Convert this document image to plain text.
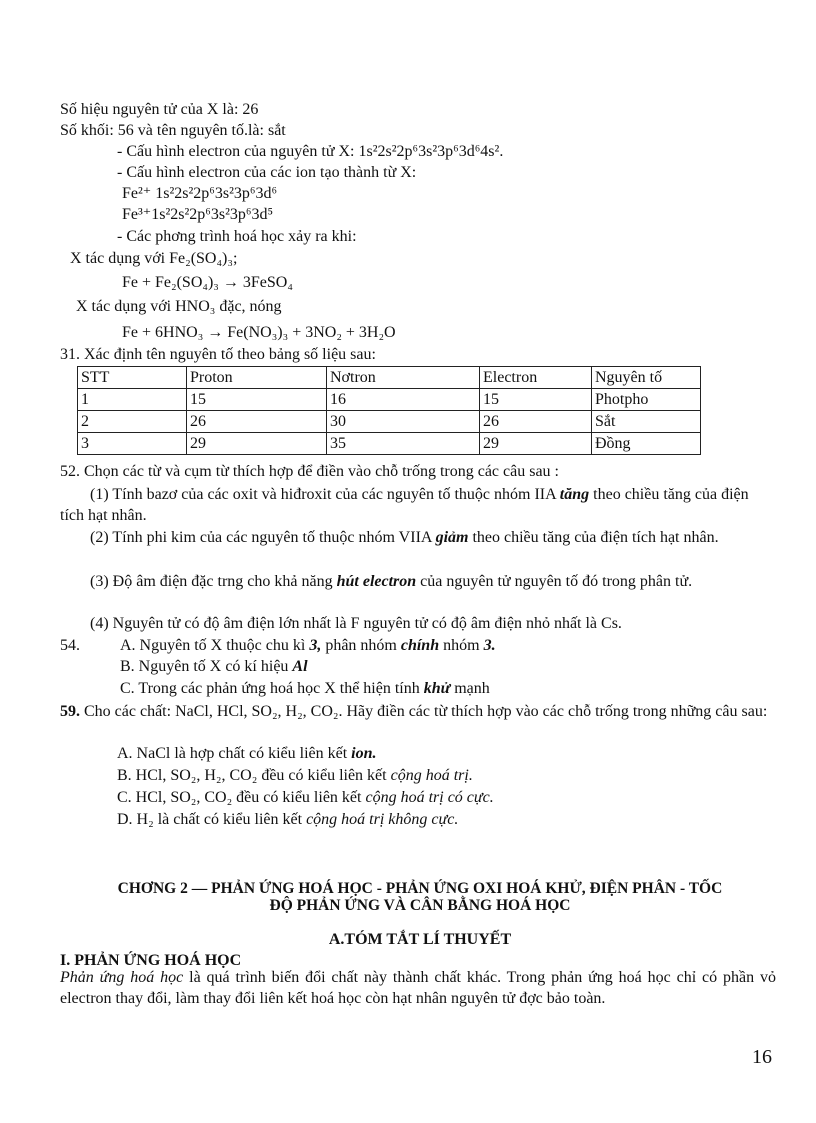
Số hiệu nguyên tử của X là: 26
Số khối: 56 và tên nguyên tố.là: sắt
- Cấu hình electron của nguyên tử X: 1s²2s²2p⁶3s²3p⁶3d⁶4s².
- Cấu hình electron của các ion tạo thành từ X:
Fe²⁺ 1s²2s²2p⁶3s²3p⁶3d⁶
Fe³⁺1s²2s²2p⁶3s²3p⁶3d⁵
- Các phơng trình hoá học xảy ra khi:
X tác dụng với Fe₂(SO₄)₃;
Fe + Fe₂(SO₄)₃ → 3FeSO₄
X tác dụng với HNO₃ đặc, nóng
Fe + 6HNO₃ → Fe(NO₃)₃ + 3NO₂ + 3H₂O
31. Xác định tên nguyên tố theo bảng số liệu sau:
STT	Proton	Nơtron	Electron	Nguyên tố
1	15	16	15	Photpho
2	26	30	26	Sắt
3	29	35	29	Đồng
52. Chọn các từ và cụm từ thích hợp để điền vào chỗ trống trong các câu sau :
(1) Tính bazơ của các oxit và hiđroxit của các nguyên tố thuộc nhóm IIA tăng theo chiều tăng của điện tích hạt nhân.
(2) Tính phi kim của các nguyên tố thuộc nhóm VIIA giảm theo chiều tăng của điện tích hạt nhân.
(3) Độ âm điện đặc trng cho khả năng hút electron của nguyên tử nguyên tố đó trong phân tử.
(4) Nguyên tử có độ âm điện lớn nhất là F nguyên tử có độ âm điện nhỏ nhất là Cs.
54.	A. Nguyên tố X thuộc chu kì 3, phân nhóm chính nhóm 3.
B. Nguyên tố X có kí hiệu Al
C. Trong các phản ứng hoá học X thể hiện tính khử mạnh
59. Cho các chất: NaCl, HCl, SO₂, H₂, CO₂. Hãy điền các từ thích hợp vào các chỗ trống trong những câu sau:
A. NaCl là hợp chất có kiểu liên kết ion.
B. HCl, SO₂, H₂, CO₂ đều có kiểu liên kết cộng hoá trị.
C. HCl, SO₂, CO₂ đều có kiểu liên kết cộng hoá trị có cực.
D. H₂ là chất có kiểu liên kết cộng hoá trị không cực.
CHƠNG 2 — PHẢN ỨNG HOÁ HỌC - PHẢN ỨNG OXI HOÁ KHỬ, ĐIỆN PHÂN - TỐC
ĐỘ PHẢN ỨNG VÀ CÂN BẰNG HOÁ HỌC
A.TÓM TẮT LÍ THUYẾT
I. PHẢN ỨNG HOÁ HỌC
Phản ứng hoá học là quá trình biến đổi chất này thành chất khác. Trong phản ứng hoá học chỉ có phần vỏ electron thay đổi, làm thay đổi liên kết hoá học còn hạt nhân nguyên tử đợc bảo toàn.
16
